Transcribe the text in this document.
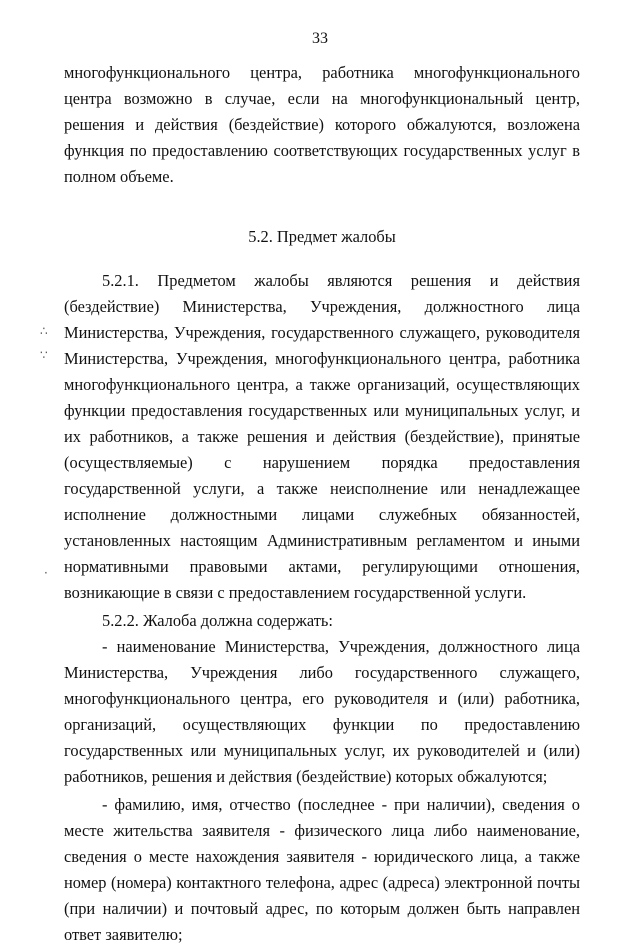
33
∴
∵
·

многофункционального центра, работника многофункционального центра возможно в случае, если на многофункциональный центр, решения и действия (бездействие) которого обжалуются, возложена функция по предоставлению соответствующих государственных услуг в полном объеме.

5.2. Предмет жалобы

5.2.1. Предметом жалобы являются решения и действия (бездействие) Министерства, Учреждения, должностного лица Министерства, Учреждения, государственного служащего, руководителя Министерства, Учреждения, многофункционального центра, работника многофункционального центра, а также организаций, осуществляющих функции предоставления государственных или муниципальных услуг, и их работников, а также решения и действия (бездействие), принятые (осуществляемые) с нарушением порядка предоставления государственной услуги, а также неисполнение или ненадлежащее исполнение должностными лицами служебных обязанностей, установленных настоящим Административным регламентом и иными нормативными правовыми актами, регулирующими отношения, возникающие в связи с предоставлением государственной услуги.

5.2.2. Жалоба должна содержать:

- наименование Министерства, Учреждения, должностного лица Министерства, Учреждения либо государственного служащего, многофункционального центра, его руководителя и (или) работника, организаций, осуществляющих функции по предоставлению государственных или муниципальных услуг, их руководителей и (или) работников, решения и действия (бездействие) которых обжалуются;

- фамилию, имя, отчество (последнее - при наличии), сведения о месте жительства заявителя - физического лица либо наименование, сведения о месте нахождения заявителя - юридического лица, а также номер (номера) контактного телефона, адрес (адреса) электронной почты (при наличии) и почтовый адрес, по которым должен быть направлен ответ заявителю;
